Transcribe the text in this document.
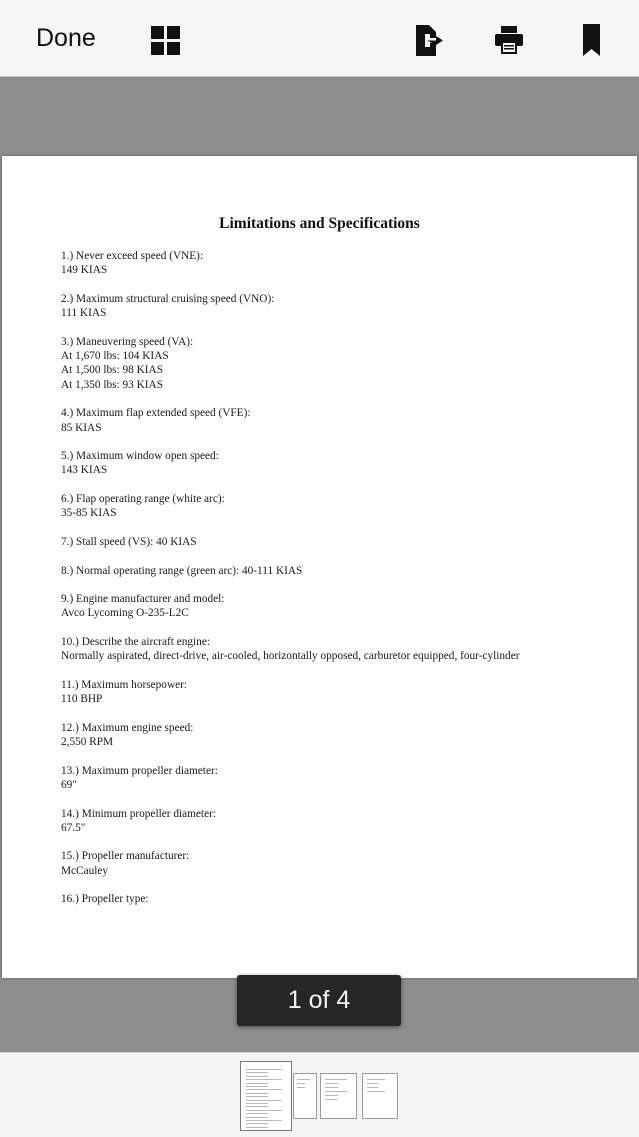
Done
Limitations and Specifications
1.) Never exceed speed (VNE):
149 KIAS
2.) Maximum structural cruising speed (VNO):
111 KIAS
3.) Maneuvering speed (VA):
At 1,670 lbs: 104 KIAS
At 1,500 lbs: 98 KIAS
At 1,350 lbs: 93 KIAS
4.) Maximum flap extended speed (VFE):
85 KIAS
5.) Maximum window open speed:
143 KIAS
6.) Flap operating range (white arc):
35-85 KIAS
7.) Stall speed (VS): 40 KIAS
8.) Normal operating range (green arc): 40-111 KIAS
9.) Engine manufacturer and model:
Avco Lycoming O-235-L2C
10.) Describe the aircraft engine:
Normally aspirated, direct-drive, air-cooled, horizontally opposed, carburetor equipped, four-cylinder
11.) Maximum horsepower:
110 BHP
12.) Maximum engine speed:
2,550 RPM
13.) Maximum propeller diameter:
69"
14.) Minimum propeller diameter:
67.5"
15.) Propeller manufacturer:
McCauley
16.) Propeller type:
1 of 4
